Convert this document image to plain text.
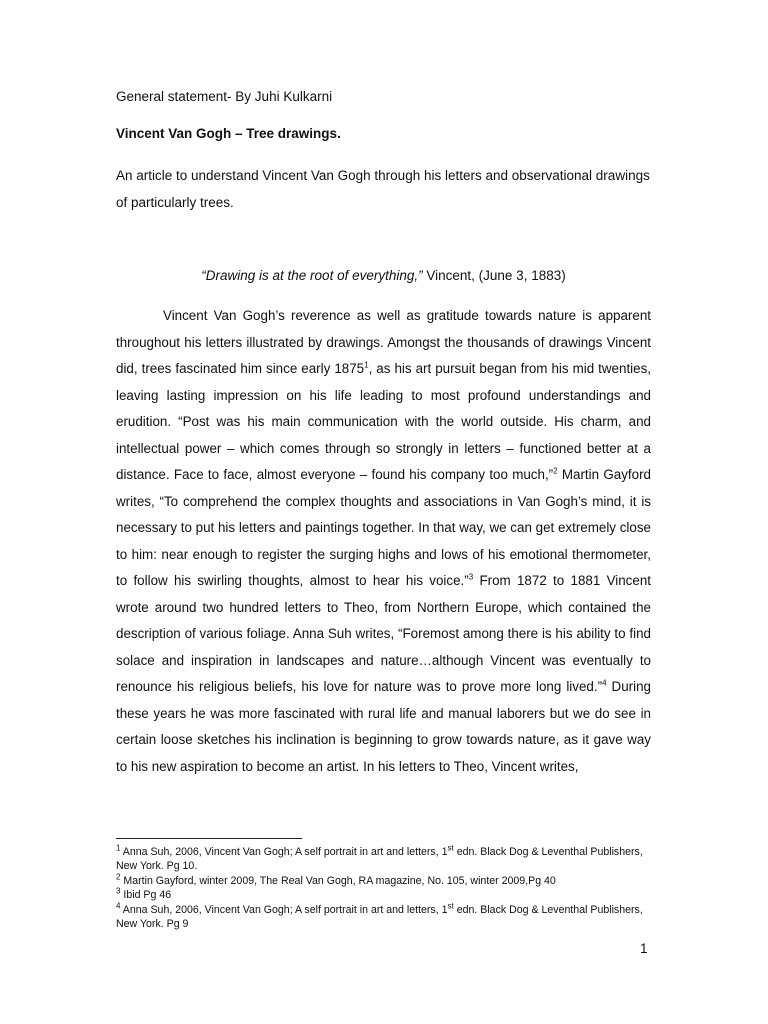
General statement- By Juhi Kulkarni
Vincent Van Gogh – Tree drawings.
An article to understand Vincent Van Gogh through his letters and observational drawings of particularly trees.
“Drawing is at the root of everything,” Vincent, (June 3, 1883)
Vincent Van Gogh’s reverence as well as gratitude towards nature is apparent throughout his letters illustrated by drawings. Amongst the thousands of drawings Vincent did, trees fascinated him since early 1875$^1$, as his art pursuit began from his mid twenties, leaving lasting impression on his life leading to most profound understandings and erudition. “Post was his main communication with the world outside. His charm, and intellectual power – which comes through so strongly in letters – functioned better at a distance. Face to face, almost everyone – found his company too much,”$^2$ Martin Gayford writes, “To comprehend the complex thoughts and associations in Van Gogh’s mind, it is necessary to put his letters and paintings together. In that way, we can get extremely close to him: near enough to register the surging highs and lows of his emotional thermometer, to follow his swirling thoughts, almost to hear his voice.”$^3$ From 1872 to 1881 Vincent wrote around two hundred letters to Theo, from Northern Europe, which contained the description of various foliage. Anna Suh writes, “Foremost among there is his ability to find solace and inspiration in landscapes and nature…although Vincent was eventually to renounce his religious beliefs, his love for nature was to prove more long lived.”$^4$ During these years he was more fascinated with rural life and manual laborers but we do see in certain loose sketches his inclination is beginning to grow towards nature, as it gave way to his new aspiration to become an artist. In his letters to Theo, Vincent writes,

$^1$ Anna Suh, 2006, Vincent Van Gogh; A self portrait in art and letters, 1st edn. Black Dog & Leventhal Publishers, New York. Pg 10.

$^2$ Martin Gayford, winter 2009, The Real Van Gogh, RA magazine, No. 105, winter 2009,Pg 40

$^3$ Ibid Pg 46

$^4$ Anna Suh, 2006, Vincent Van Gogh; A self portrait in art and letters, 1st edn. Black Dog & Leventhal Publishers, New York. Pg 9

1
